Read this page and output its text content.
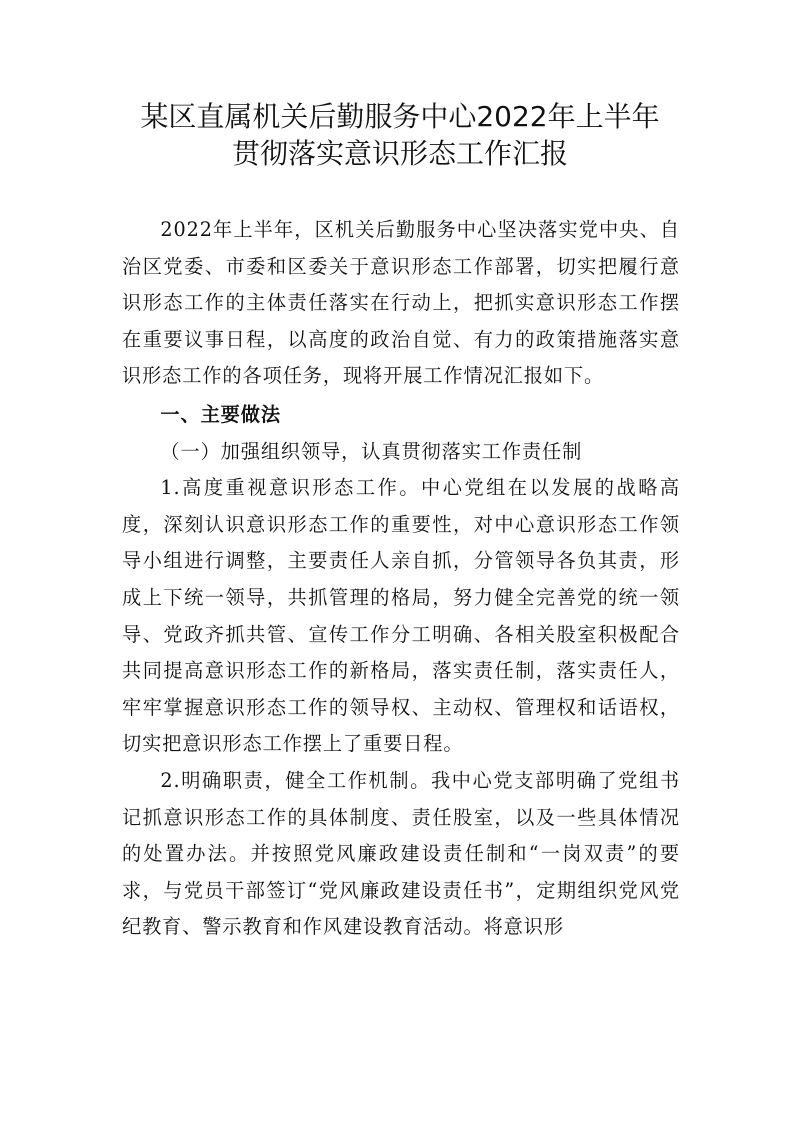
某区直属机关后勤服务中心2022年上半年
贯彻落实意识形态工作汇报

2022年上半年，区机关后勤服务中心坚决落实党中央、自治区党委、市委和区委关于意识形态工作部署，切实把履行意识形态工作的主体责任落实在行动上，把抓实意识形态工作摆在重要议事日程，以高度的政治自觉、有力的政策措施落实意识形态工作的各项任务，现将开展工作情况汇报如下。

一、主要做法

（一）加强组织领导，认真贯彻落实工作责任制

1.高度重视意识形态工作。中心党组在以发展的战略高度，深刻认识意识形态工作的重要性，对中心意识形态工作领导小组进行调整，主要责任人亲自抓，分管领导各负其责，形成上下统一领导，共抓管理的格局，努力健全完善党的统一领导、党政齐抓共管、宣传工作分工明确、各相关股室积极配合共同提高意识形态工作的新格局，落实责任制，落实责任人，牢牢掌握意识形态工作的领导权、主动权、管理权和话语权，切实把意识形态工作摆上了重要日程。

2.明确职责，健全工作机制。我中心党支部明确了党组书记抓意识形态工作的具体制度、责任股室，以及一些具体情况的处置办法。并按照党风廉政建设责任制和“一岗双责”的要求，与党员干部签订“党风廉政建设责任书”，定期组织党风党纪教育、警示教育和作风建设教育活动。将意识形
